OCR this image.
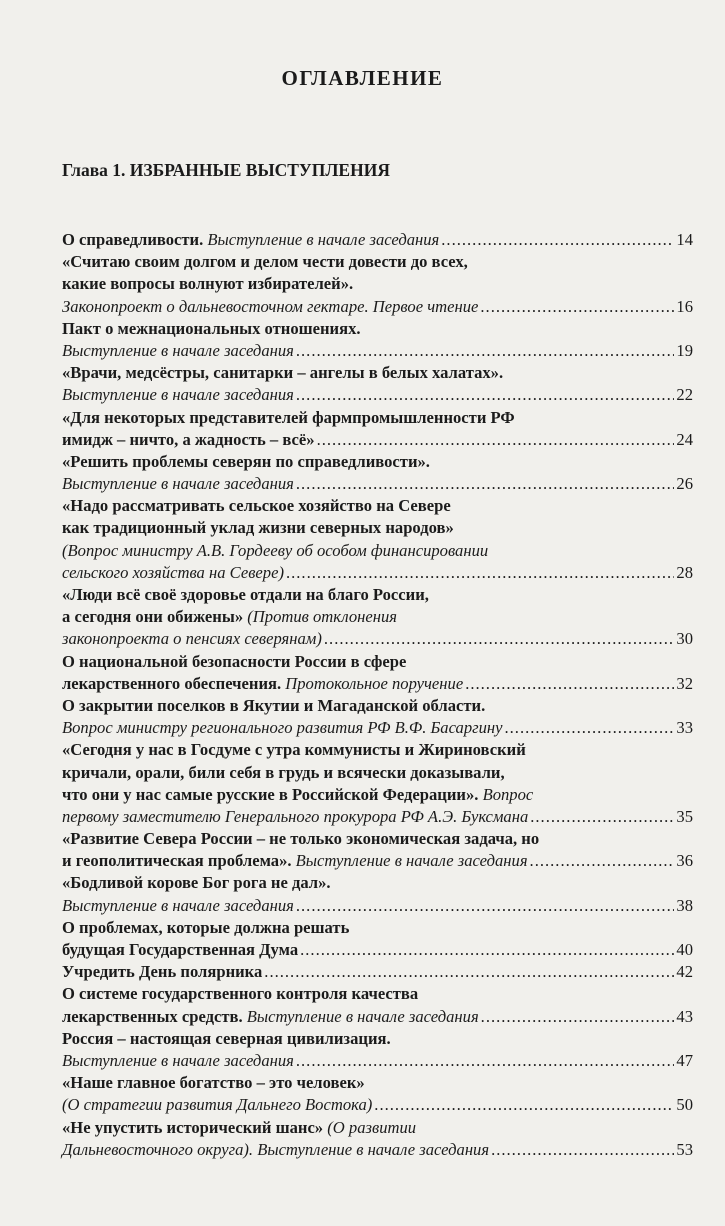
ОГЛАВЛЕНИЕ
Глава 1. ИЗБРАННЫЕ ВЫСТУПЛЕНИЯ
О справедливости. Выступление в начале заседания .....	14
«Считаю своим долгом и делом чести довести до всех,
какие вопросы волнуют избирателей».
Законопроект о дальневосточном гектаре. Первое чтение .....	16
Пакт о межнациональных отношениях.
Выступление в начале заседания .....	19
«Врачи, медсёстры, санитарки – ангелы в белых халатах».
Выступление в начале заседания .....	22
«Для некоторых представителей фармпромышленности РФ
имидж – ничто, а жадность – всё» .....	24
«Решить проблемы северян по справедливости».
Выступление в начале заседания .....	26
«Надо рассматривать сельское хозяйство на Севере
как традиционный уклад жизни северных народов»
(Вопрос министру А.В. Гордееву об особом финансировании
сельского хозяйства на Севере) .....	28
«Люди всё своё здоровье отдали на благо России,
а сегодня они обижены» (Против отклонения
законопроекта о пенсиях северянам) .....	30
О национальной безопасности России в сфере
лекарственного обеспечения. Протокольное поручение .....	32
О закрытии поселков в Якутии и Магаданской области.
Вопрос министру регионального развития РФ В.Ф. Басаргину .....	33
«Сегодня у нас в Госдуме с утра коммунисты и Жириновский
кричали, орали, били себя в грудь и всячески доказывали,
что они у нас самые русские в Российской Федерации». Вопрос
первому заместителю Генерального прокурора РФ А.Э. Буксмана .....	35
«Развитие Севера России – не только экономическая задача, но
и геополитическая проблема». Выступление в начале заседания .....	36
«Бодливой корове Бог рога не дал».
Выступление в начале заседания .....	38
О проблемах, которые должна решать
будущая Государственная Дума .....	40
Учредить День полярника .....	42
О системе государственного контроля качества
лекарственных средств. Выступление в начале заседания .....	43
Россия – настоящая северная цивилизация.
Выступление в начале заседания .....	47
«Наше главное богатство – это человек»
(О стратегии развития Дальнего Востока) .....	50
«Не упустить исторический шанс» (О развитии
Дальневосточного округа). Выступление в начале заседания .....	53
